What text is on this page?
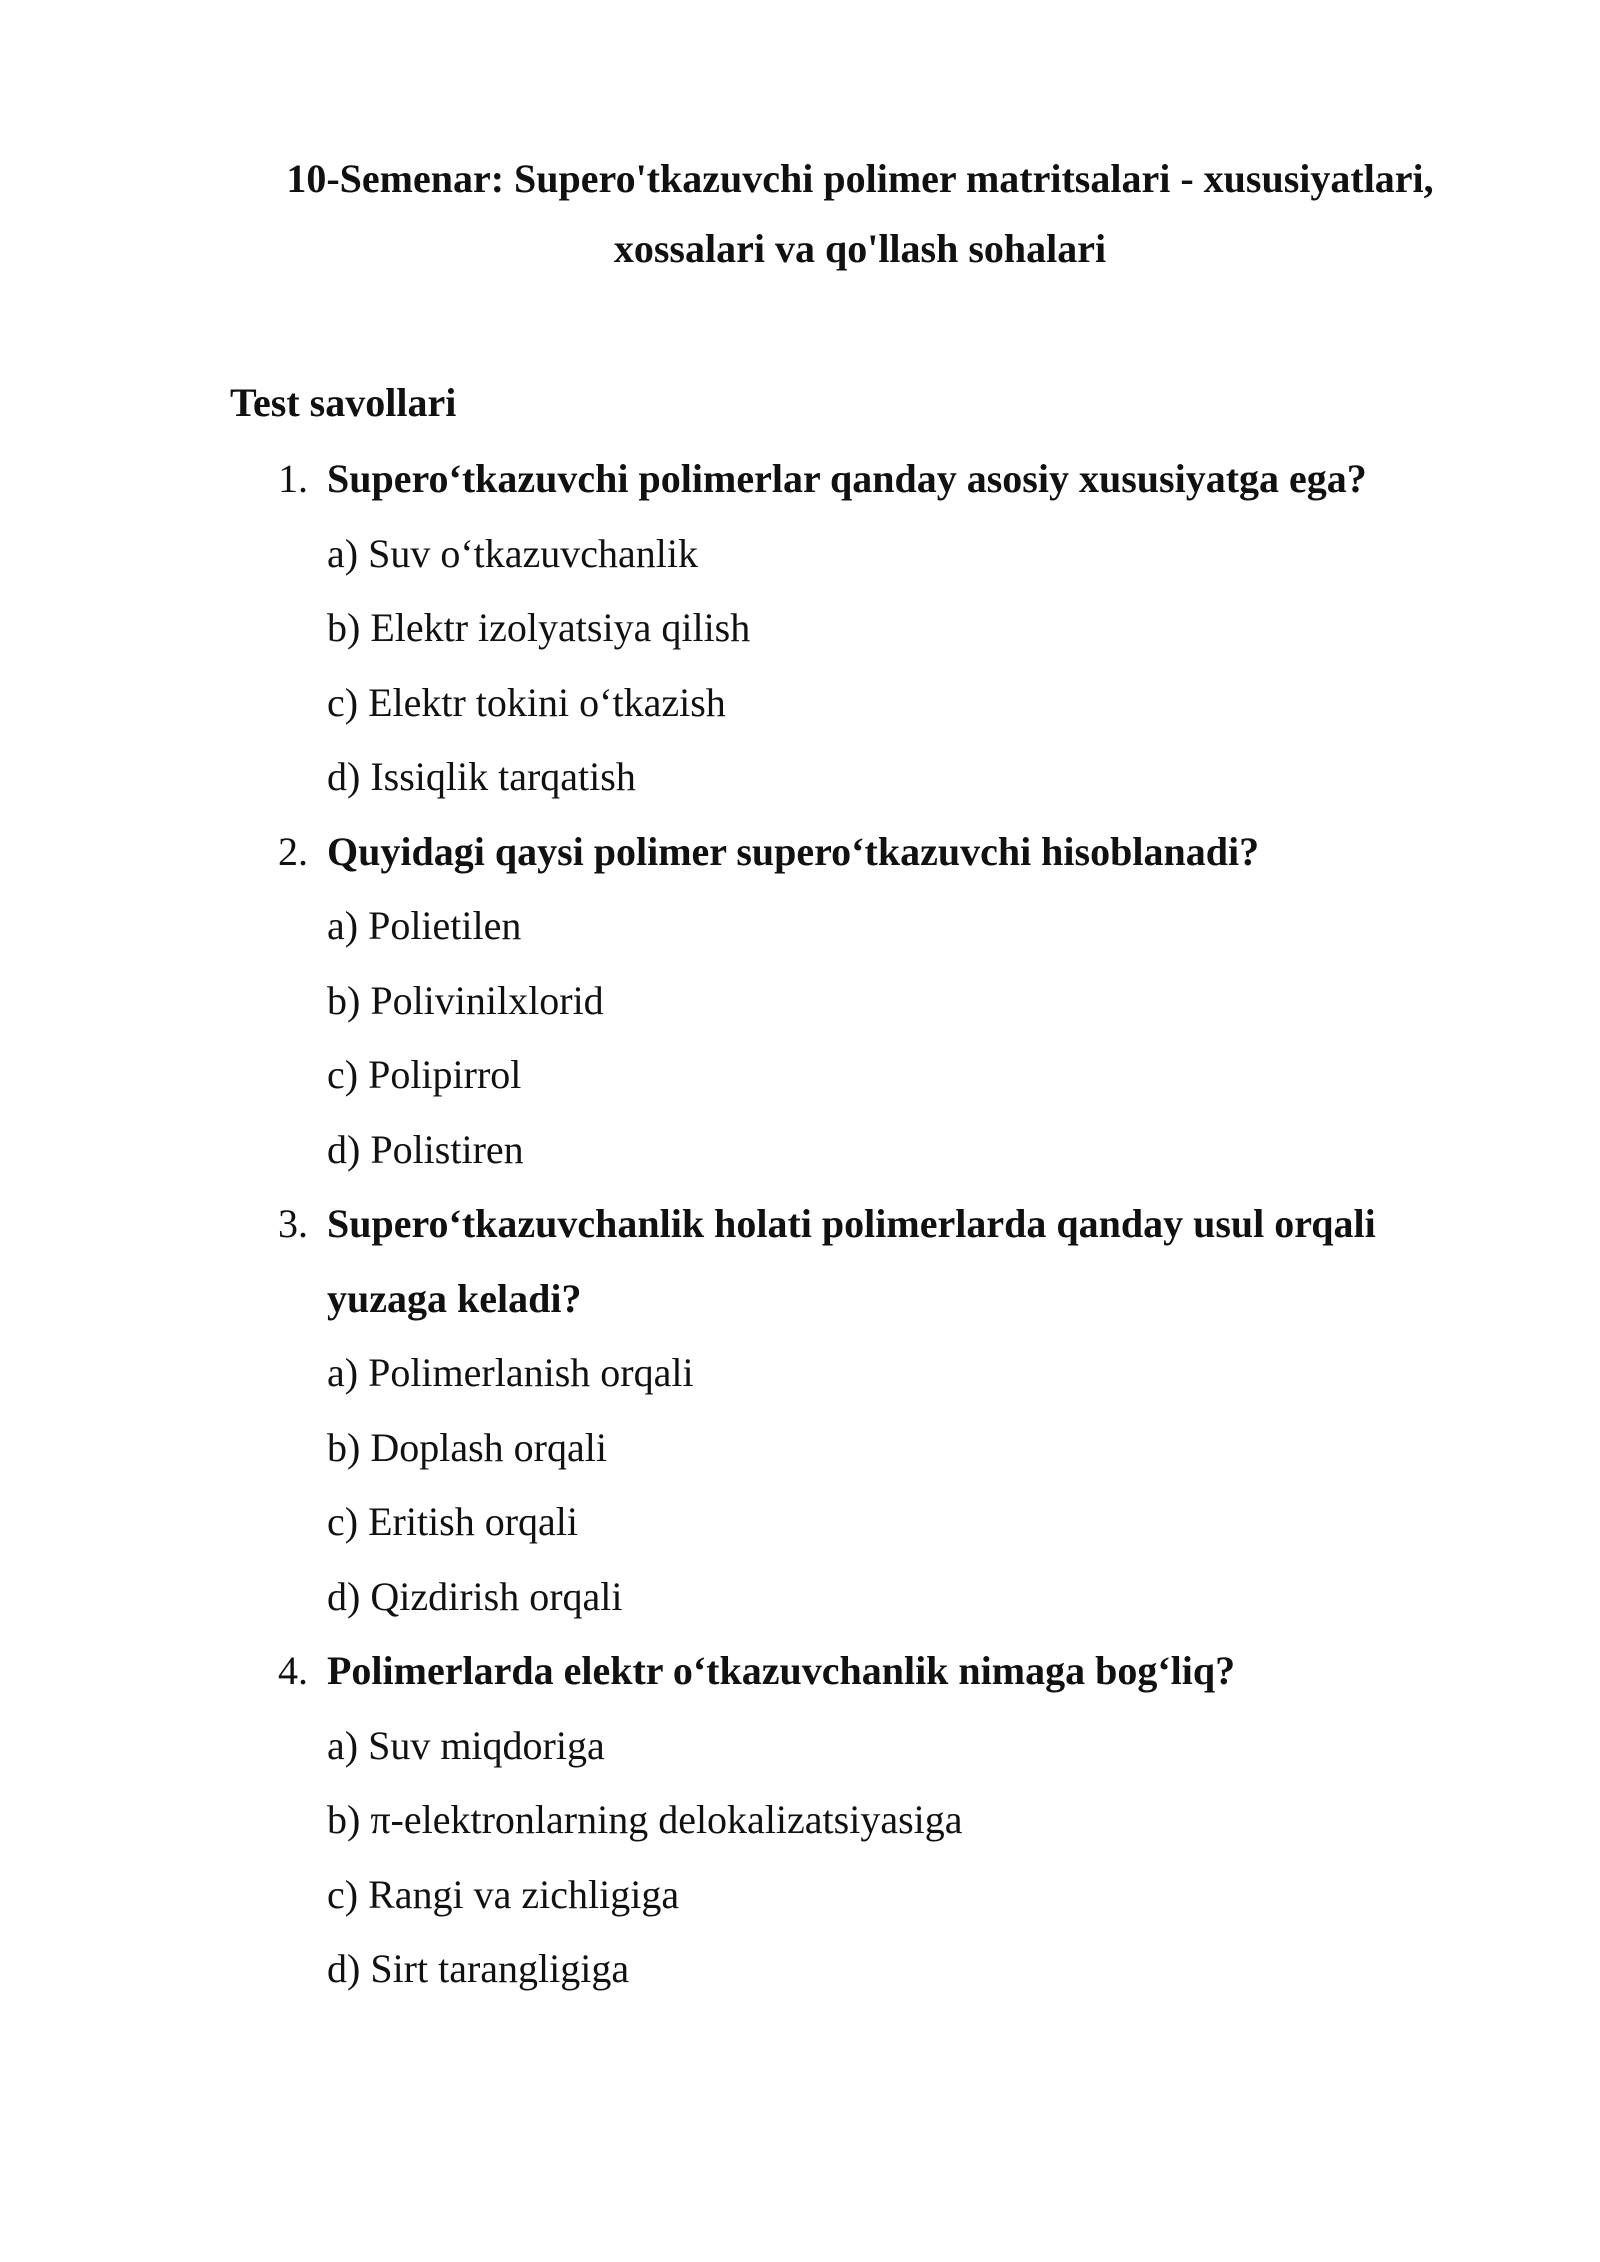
10-Semenar: Supero'tkazuvchi polimer matritsalari - xususiyatlari,
xossalari va qo'llash sohalari
Test savollari
1. Supero‘tkazuvchi polimerlar qanday asosiy xususiyatga ega?
a) Suv o‘tkazuvchanlik
b) Elektr izolyatsiya qilish
c) Elektr tokini o‘tkazish
d) Issiqlik tarqatish
2. Quyidagi qaysi polimer supero‘tkazuvchi hisoblanadi?
a) Polietilen
b) Polivinilxlorid
c) Polipirrol
d) Polistiren
3. Supero‘tkazuvchanlik holati polimerlarda qanday usul orqali yuzaga keladi?
a) Polimerlanish orqali
b) Doplash orqali
c) Eritish orqali
d) Qizdirish orqali
4. Polimerlarda elektr o‘tkazuvchanlik nimaga bog‘liq?
a) Suv miqdoriga
b) π-elektronlarning delokalizatsiyasiga
c) Rangi va zichligiga
d) Sirt tarangligiga
